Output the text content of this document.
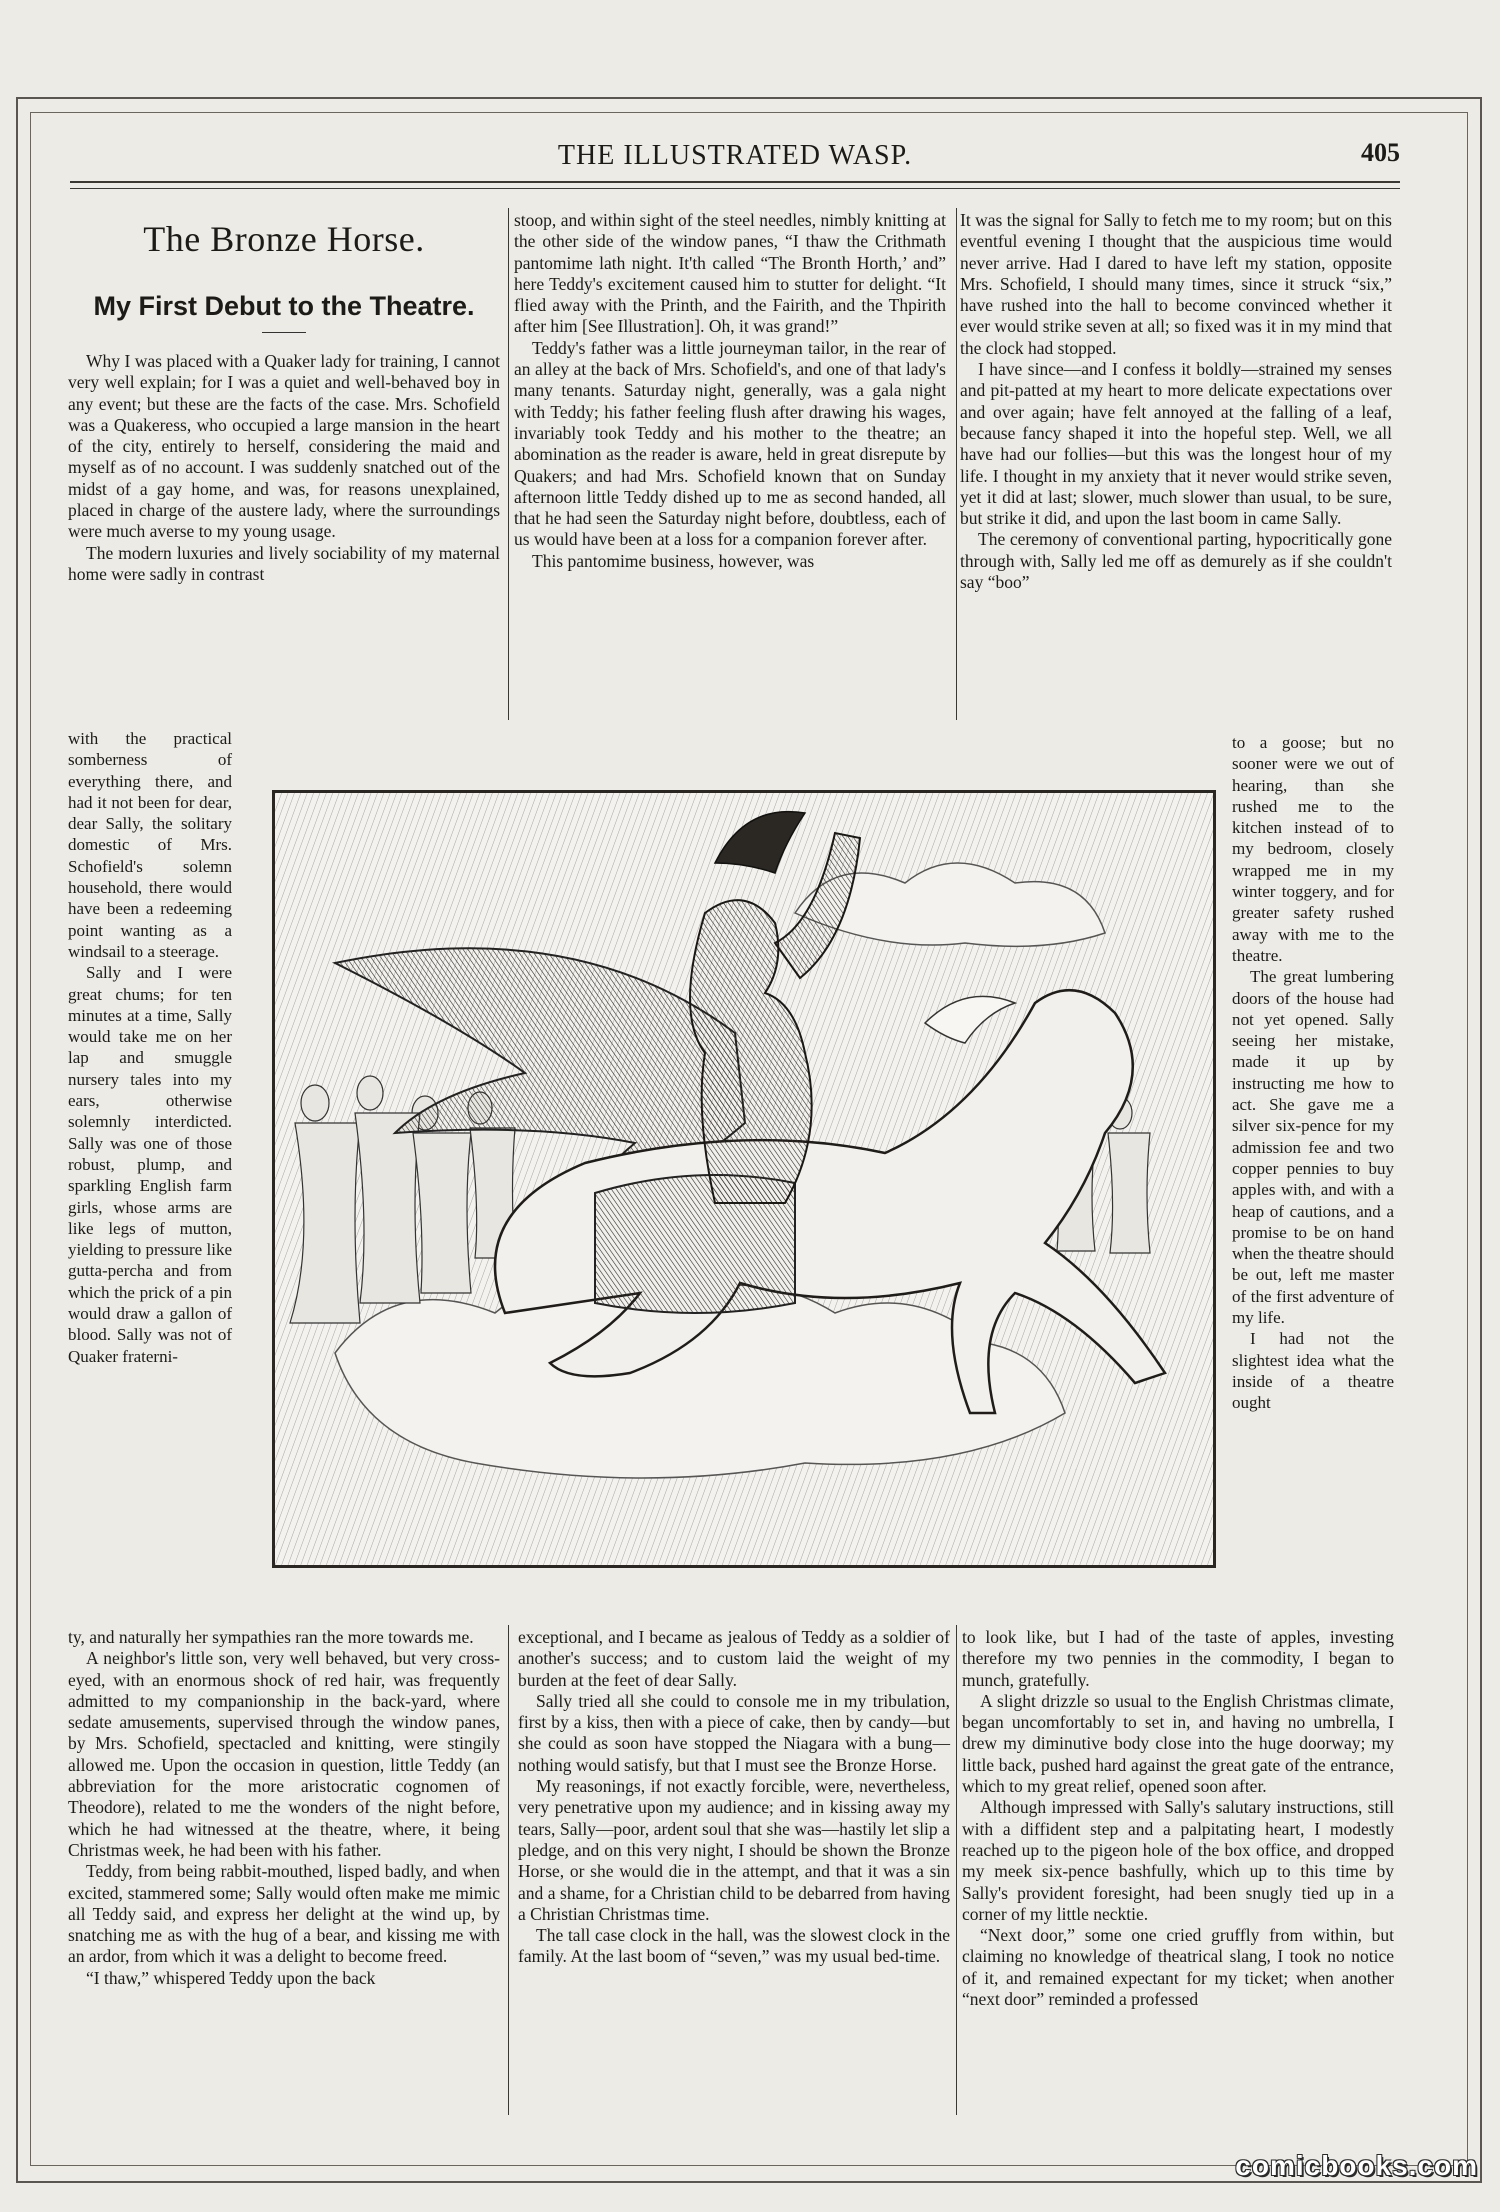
THE ILLUSTRATED WASP.	405
The Bronze Horse.
My First Debut to the Theatre.

Why I was placed with a Quaker lady for training, I cannot very well explain; for I was a quiet and well-behaved boy in any event; but these are the facts of the case. Mrs. Schofield was a Quakeress, who occupied a large mansion in the heart of the city, entirely to herself, considering the maid and myself as of no account. I was suddenly snatched out of the midst of a gay home, and was, for reasons unexplained, placed in charge of the austere lady, where the surroundings were much averse to my young usage.

The modern luxuries and lively sociability of my maternal home were sadly in contrast

with the practical somberness of everything there, and had it not been for dear, dear Sally, the solitary domestic of Mrs. Schofield's solemn household, there would have been a redeeming point wanting as a windsail to a steerage.

Sally and I were great chums; for ten minutes at a time, Sally would take me on her lap and smuggle nursery tales into my ears, otherwise solemnly interdicted. Sally was one of those robust, plump, and sparkling English farm girls, whose arms are like legs of mutton, yielding to pressure like gutta-percha and from which the prick of a pin would draw a gallon of blood. Sally was not of Quaker fraterni-

ty, and naturally her sympathies ran the more towards me.

A neighbor's little son, very well behaved, but very cross-eyed, with an enormous shock of red hair, was frequently admitted to my companionship in the back-yard, where sedate amusements, supervised through the window panes, by Mrs. Schofield, spectacled and knitting, were stingily allowed me. Upon the occasion in question, little Teddy (an abbreviation for the more aristocratic cognomen of Theodore), related to me the wonders of the night before, which he had witnessed at the theatre, where, it being Christmas week, he had been with his father.

Teddy, from being rabbit-mouthed, lisped badly, and when excited, stammered some; Sally would often make me mimic all Teddy said, and express her delight at the wind up, by snatching me as with the hug of a bear, and kissing me with an ardor, from which it was a delight to become freed.

“I thaw,” whispered Teddy upon the back

stoop, and within sight of the steel needles, nimbly knitting at the other side of the window panes, “I thaw the Crithmath pantomime lath night. It'th called “The Bronth Horth,’ and” here Teddy's excitement caused him to stutter for delight. “It flied away with the Printh, and the Fairith, and the Thpirith after him [See Illustration]. Oh, it was grand!”

Teddy's father was a little journeyman tailor, in the rear of an alley at the back of Mrs. Schofield's, and one of that lady's many tenants. Saturday night, generally, was a gala night with Teddy; his father feeling flush after drawing his wages, invariably took Teddy and his mother to the theatre; an abomination as the reader is aware, held in great disrepute by Quakers; and had Mrs. Schofield known that on Sunday afternoon little Teddy dished up to me as second handed, all that he had seen the Saturday night before, doubtless, each of us would have been at a loss for a companion forever after.

This pantomime business, however, was

exceptional, and I became as jealous of Teddy as a soldier of another's success; and to custom laid the weight of my burden at the feet of dear Sally.

Sally tried all she could to console me in my tribulation, first by a kiss, then with a piece of cake, then by candy—but she could as soon have stopped the Niagara with a bung—nothing would satisfy, but that I must see the Bronze Horse.

My reasonings, if not exactly forcible, were, nevertheless, very penetrative upon my audience; and in kissing away my tears, Sally—poor, ardent soul that she was—hastily let slip a pledge, and on this very night, I should be shown the Bronze Horse, or she would die in the attempt, and that it was a sin and a shame, for a Christian child to be debarred from having a Christian Christmas time.

The tall case clock in the hall, was the slowest clock in the family. At the last boom of “seven,” was my usual bed-time.

It was the signal for Sally to fetch me to my room; but on this eventful evening I thought that the auspicious time would never arrive. Had I dared to have left my station, opposite Mrs. Schofield, I should many times, since it struck “six,” have rushed into the hall to become convinced whether it ever would strike seven at all; so fixed was it in my mind that the clock had stopped.

I have since—and I confess it boldly—strained my senses and pit-patted at my heart to more delicate expectations over and over again; have felt annoyed at the falling of a leaf, because fancy shaped it into the hopeful step. Well, we all have had our follies—but this was the longest hour of my life. I thought in my anxiety that it never would strike seven, yet it did at last; slower, much slower than usual, to be sure, but strike it did, and upon the last boom in came Sally.

The ceremony of conventional parting, hypocritically gone through with, Sally led me off as demurely as if she couldn't say “boo”

to a goose; but no sooner were we out of hearing, than she rushed me to the kitchen instead of to my bedroom, closely wrapped me in my winter toggery, and for greater safety rushed away with me to the theatre.

The great lumbering doors of the house had not yet opened. Sally seeing her mistake, made it up by instructing me how to act. She gave me a silver six-pence for my admission fee and two copper pennies to buy apples with, and with a heap of cautions, and a promise to be on hand when the theatre should be out, left me master of the first adventure of my life.

I had not the slightest idea what the inside of a theatre ought

to look like, but I had of the taste of apples, investing therefore my two pennies in the commodity, I began to munch, gratefully.

A slight drizzle so usual to the English Christmas climate, began uncomfortably to set in, and having no umbrella, I drew my diminutive body close into the huge doorway; my little back, pushed hard against the great gate of the entrance, which to my great relief, opened soon after.

Although impressed with Sally's salutary instructions, still with a diffident step and a palpitating heart, I modestly reached up to the pigeon hole of the box office, and dropped my meek six-pence bashfully, which up to this time by Sally's provident foresight, had been snugly tied up in a corner of my little necktie.

“Next door,” some one cried gruffly from within, but claiming no knowledge of theatrical slang, I took no notice of it, and remained expectant for my ticket; when another “next door” reminded a professed

comicbooks.com
